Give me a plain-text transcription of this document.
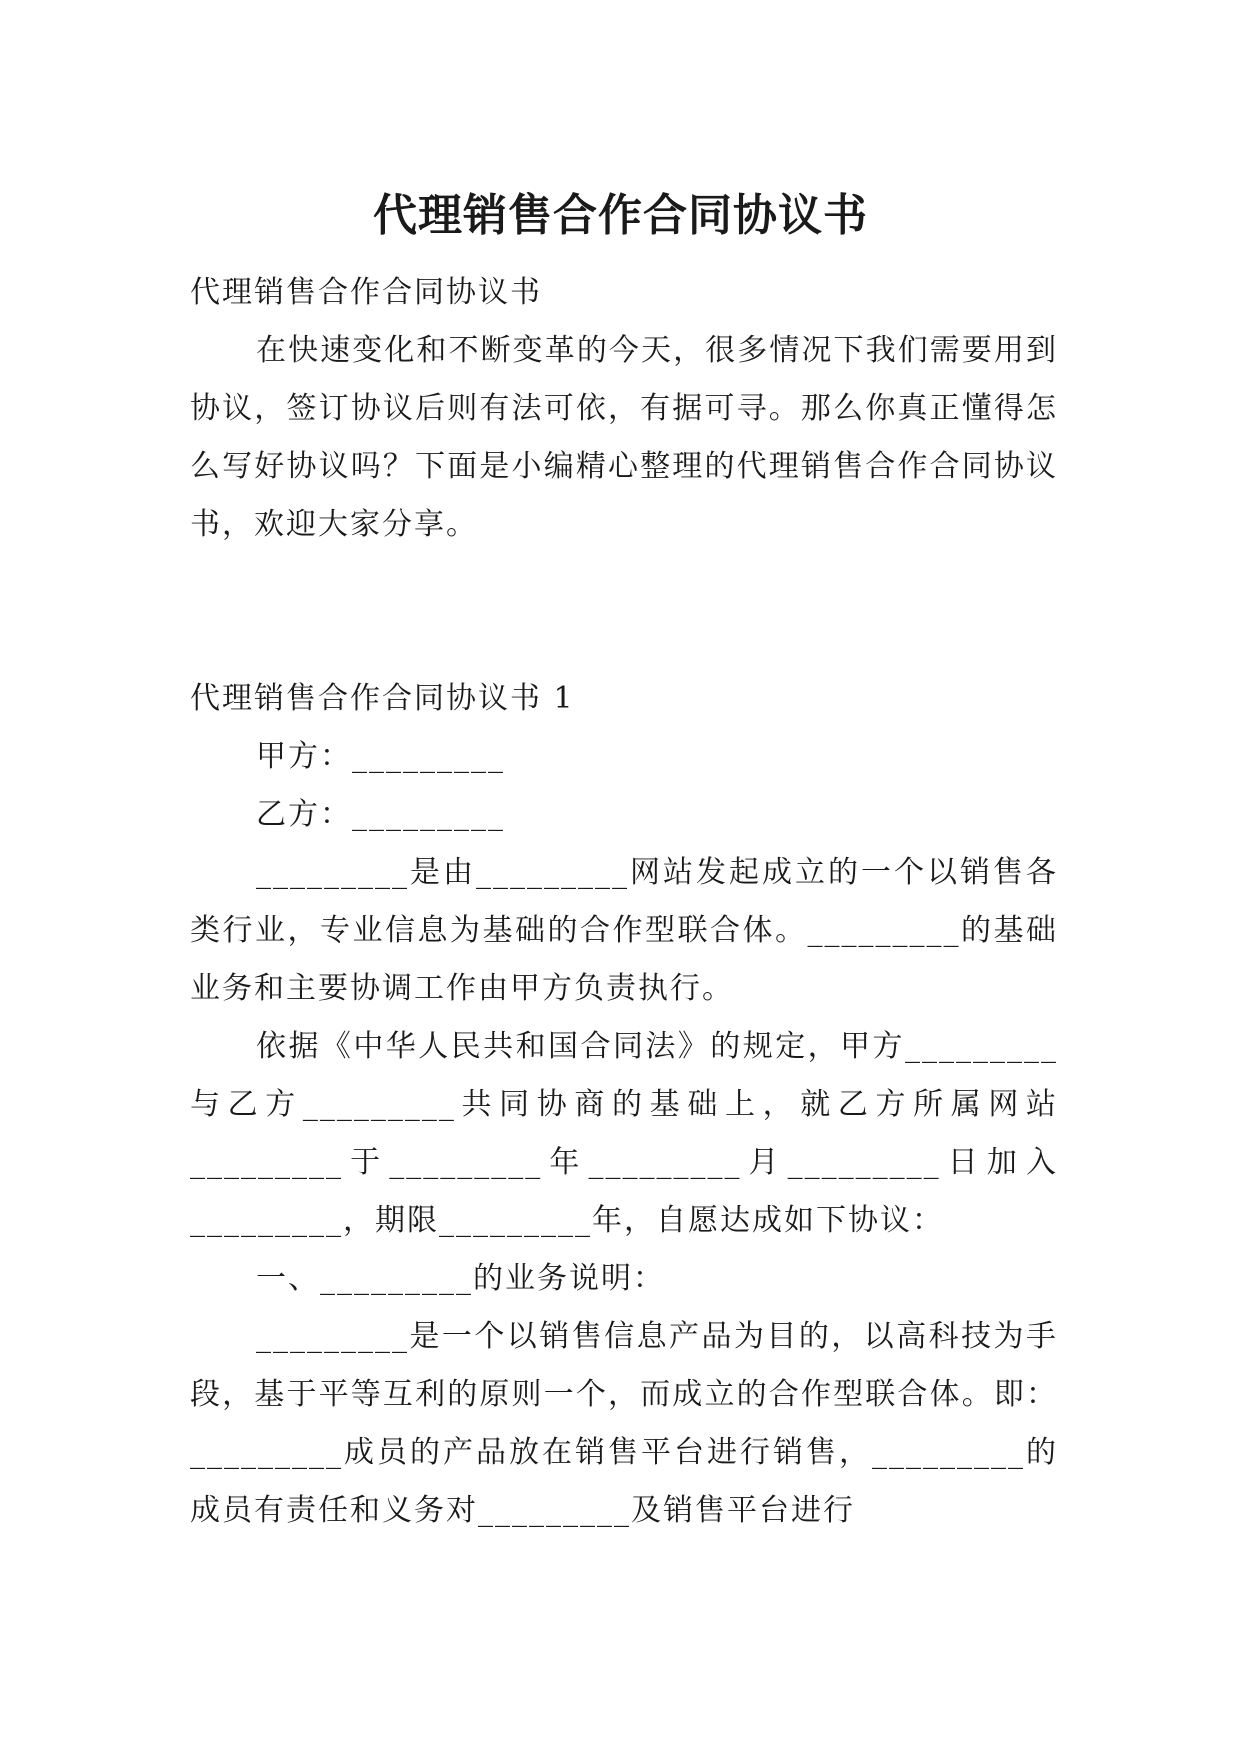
代理销售合作合同协议书

代理销售合作合同协议书

在快速变化和不断变革的今天，很多情况下我们需要用到协议，签订协议后则有法可依，有据可寻。那么你真正懂得怎么写好协议吗？下面是小编精心整理的代理销售合作合同协议书，欢迎大家分享。

代理销售合作合同协议书 1

甲方：_________

乙方：_________

_________是由_________网站发起成立的一个以销售各类行业，专业信息为基础的合作型联合体。_________的基础业务和主要协调工作由甲方负责执行。

依据《中华人民共和国合同法》的规定，甲方_________与乙方_________共同协商的基础上，就乙方所属网站_________于_________年_________月_________日加入_________，期限_________年，自愿达成如下协议：

一、_________的业务说明：

_________是一个以销售信息产品为目的，以高科技为手段，基于平等互利的原则一个，而成立的合作型联合体。即：_________成员的产品放在销售平台进行销售，_________的成员有责任和义务对_________及销售平台进行
